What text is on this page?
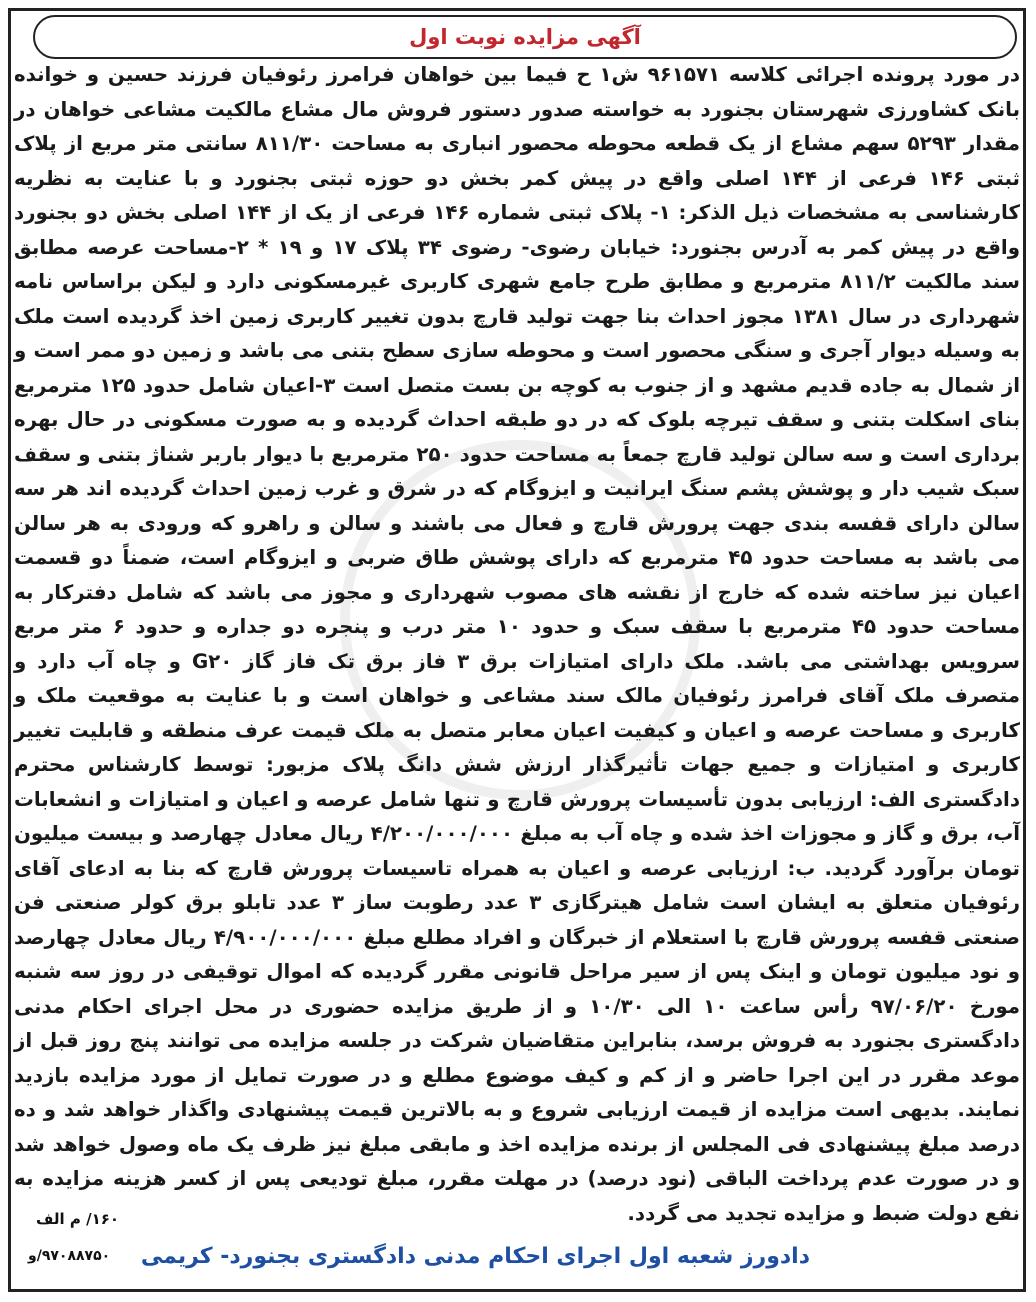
آگهی مزایده نوبت اول

در مورد پرونده اجرائی کلاسه ۹۶۱۵۷۱ ش۱ ح فیما بین خواهان فرامرز رئوفیان فرزند حسین و خوانده بانک کشاورزی شهرستان بجنورد به خواسته صدور دستور فروش مال مشاع مالکیت مشاعی خواهان در مقدار ۵۲۹۳ سهم مشاع از یک قطعه محوطه محصور انباری به مساحت ۸۱۱/۳۰ سانتی متر مربع از پلاک ثبتی ۱۴۶ فرعی از ۱۴۴ اصلی واقع در پیش کمر بخش دو حوزه ثبتی بجنورد و با عنایت به نظریه کارشناسی به مشخصات ذیل الذکر: ۱- پلاک ثبتی شماره ۱۴۶ فرعی از یک از ۱۴۴ اصلی بخش دو بجنورد واقع در پیش کمر به آدرس بجنورد: خیابان رضوی- رضوی ۳۴ پلاک ۱۷ و ۱۹ * ۲-مساحت عرصه مطابق سند مالکیت ۸۱۱/۲ مترمربع و مطابق طرح جامع شهری کاربری غیرمسکونی دارد و لیکن براساس نامه شهرداری در سال ۱۳۸۱ مجوز احداث بنا جهت تولید قارچ بدون تغییر کاربری زمین اخذ گردیده است ملک به وسیله دیوار آجری و سنگی محصور است و محوطه سازی سطح بتنی می باشد و زمین دو ممر است و از شمال به جاده قدیم مشهد و از جنوب به کوچه بن بست متصل است ۳-اعیان شامل حدود ۱۲۵ مترمربع بنای اسکلت بتنی و سقف تیرچه بلوک که در دو طبقه احداث گردیده و به صورت مسکونی در حال بهره برداری است و سه سالن تولید قارچ جمعاً به مساحت حدود ۲۵۰ مترمربع با دیوار باربر شناژ بتنی و سقف سبک شیب دار و پوشش پشم سنگ ایرانیت و ایزوگام که در شرق و غرب زمین احداث گردیده اند هر سه سالن دارای قفسه بندی جهت پرورش قارچ و فعال می باشند و سالن و راهرو که ورودی به هر سالن می باشد به مساحت حدود ۴۵ مترمربع که دارای پوشش طاق ضربی و ایزوگام است، ضمناً دو قسمت اعیان نیز ساخته شده که خارج از نقشه های مصوب شهرداری و مجوز می باشد که شامل دفترکار به مساحت حدود ۴۵ مترمربع با سقف سبک و حدود ۱۰ متر درب و پنجره دو جداره و حدود ۶ متر مربع سرویس بهداشتی می باشد. ملک دارای امتیازات برق ۳ فاز برق تک فاز گاز G۲۰ و چاه آب دارد و متصرف ملک آقای فرامرز رئوفیان مالک سند مشاعی و خواهان است و با عنایت به موقعیت ملک و کاربری و مساحت عرصه و اعیان و کیفیت اعیان معابر متصل به ملک قیمت عرف منطقه و قابلیت تغییر کاربری و امتیازات و جمیع جهات تأثیرگذار ارزش شش دانگ پلاک مزبور: توسط کارشناس محترم دادگستری الف: ارزیابی بدون تأسیسات پرورش قارچ و تنها شامل عرصه و اعیان و امتیازات و انشعابات آب، برق و گاز و مجوزات اخذ شده و چاه آب به مبلغ ۴/۲۰۰/۰۰۰/۰۰۰ ریال معادل چهارصد و بیست میلیون تومان برآورد گردید. ب: ارزیابی عرصه و اعیان به همراه تاسیسات پرورش قارچ که بنا به ادعای آقای رئوفیان متعلق به ایشان است شامل هیترگازی ۳ عدد رطوبت ساز ۳ عدد تابلو برق کولر صنعتی فن صنعتی قفسه پرورش قارچ با استعلام از خبرگان و افراد مطلع مبلغ ۴/۹۰۰/۰۰۰/۰۰۰ ریال معادل چهارصد و نود میلیون تومان و اینک پس از سیر مراحل قانونی مقرر گردیده که اموال توقیفی در روز سه شنبه مورخ ۹۷/۰۶/۲۰ رأس ساعت ۱۰ الی ۱۰/۳۰ و از طریق مزایده حضوری در محل اجرای احکام مدنی دادگستری بجنورد به فروش برسد، بنابراین متقاضیان شرکت در جلسه مزایده می توانند پنج روز قبل از موعد مقرر در این اجرا حاضر و از کم و کیف موضوع مطلع و در صورت تمایل از مورد مزایده بازدید نمایند. بدیهی است مزایده از قیمت ارزیابی شروع و به بالاترین قیمت پیشنهادی واگذار خواهد شد و ده درصد مبلغ پیشنهادی فی المجلس از برنده مزایده اخذ و مابقی مبلغ نیز ظرف یک ماه وصول خواهد شد و در صورت عدم پرداخت الباقی (نود درصد) در مهلت مقرر، مبلغ تودیعی پس از کسر هزینه مزایده به نفع دولت ضبط و مزایده تجدید می گردد.

۱۶۰/ م الف
۹۷۰۸۸۷۵۰/و دادورز شعبه اول اجرای احکام مدنی دادگستری بجنورد- کریمی
